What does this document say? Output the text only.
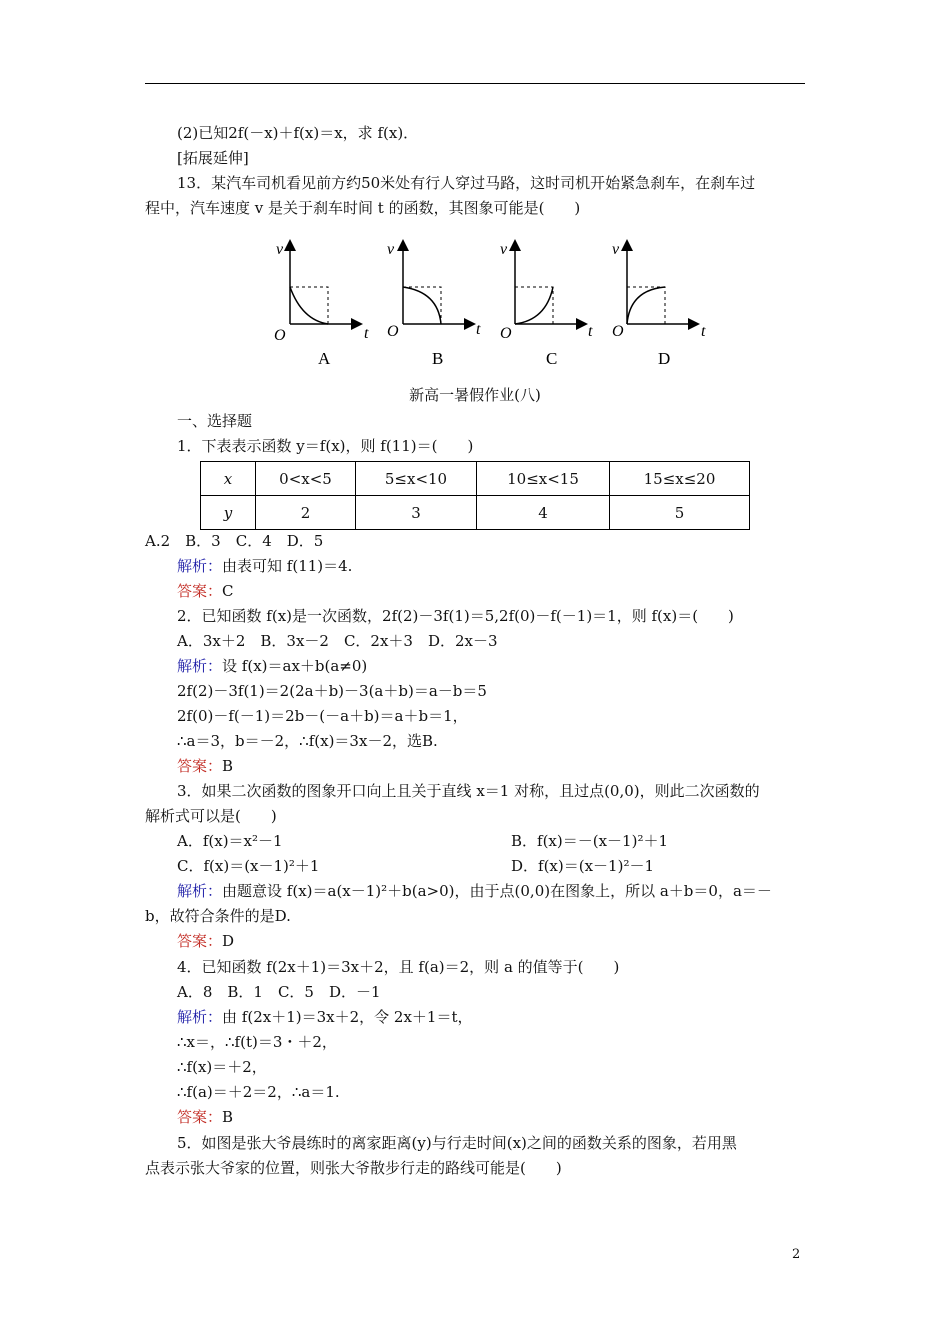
(2)已知2f(－x)＋f(x)＝x，求 f(x)．
[拓展延伸]
13．某汽车司机看见前方约50米处有行人穿过马路，这时司机开始紧急刹车，在刹车过
程中，汽车速度 v 是关于刹车时间 t 的函数，其图象可能是(　　)
v
t
O
A
v
t
O
B
v
t
O
C
v
t
O
D
新高一暑假作业(八)
一、选择题
1．下表表示函数 y＝f(x)，则 f(11)＝(　　)
x	0<x<5	5≤x<10	10≤x<15	15≤x≤20
y	2	3	4	5
A.2　B．3　C．4　D．5
解析：由表可知 f(11)＝4.
答案：C
2．已知函数 f(x)是一次函数，2f(2)－3f(1)＝5,2f(0)－f(－1)＝1，则 f(x)＝(　　)
A．3x＋2　B．3x－2　C．2x＋3　D．2x－3
解析：设 f(x)＝ax＋b(a≠0)
2f(2)－3f(1)＝2(2a＋b)－3(a＋b)＝a－b＝5
2f(0)－f(－1)＝2b－(－a＋b)＝a＋b＝1，
∴a＝3，b＝－2，∴f(x)＝3x－2，选B.
答案：B
3．如果二次函数的图象开口向上且关于直线 x＝1 对称，且过点(0,0)，则此二次函数的
解析式可以是(　　)
A．f(x)＝x²－1	B．f(x)＝－(x－1)²＋1
C．f(x)＝(x－1)²＋1	D．f(x)＝(x－1)²－1
解析：由题意设 f(x)＝a(x－1)²＋b(a>0)，由于点(0,0)在图象上，所以 a＋b＝0，a＝－
b，故符合条件的是D.
答案：D
4．已知函数 f(2x＋1)＝3x＋2，且 f(a)＝2，则 a 的值等于(　　)
A．8　B．1　C．5　D．－1
解析：由 f(2x＋1)＝3x＋2，令 2x＋1＝t，
∴x＝，∴f(t)＝3・＋2，
∴f(x)＝＋2，
∴f(a)＝＋2＝2，∴a＝1.
答案：B
5．如图是张大爷晨练时的离家距离(y)与行走时间(x)之间的函数关系的图象，若用黑
点表示张大爷家的位置，则张大爷散步行走的路线可能是(　　)
2
